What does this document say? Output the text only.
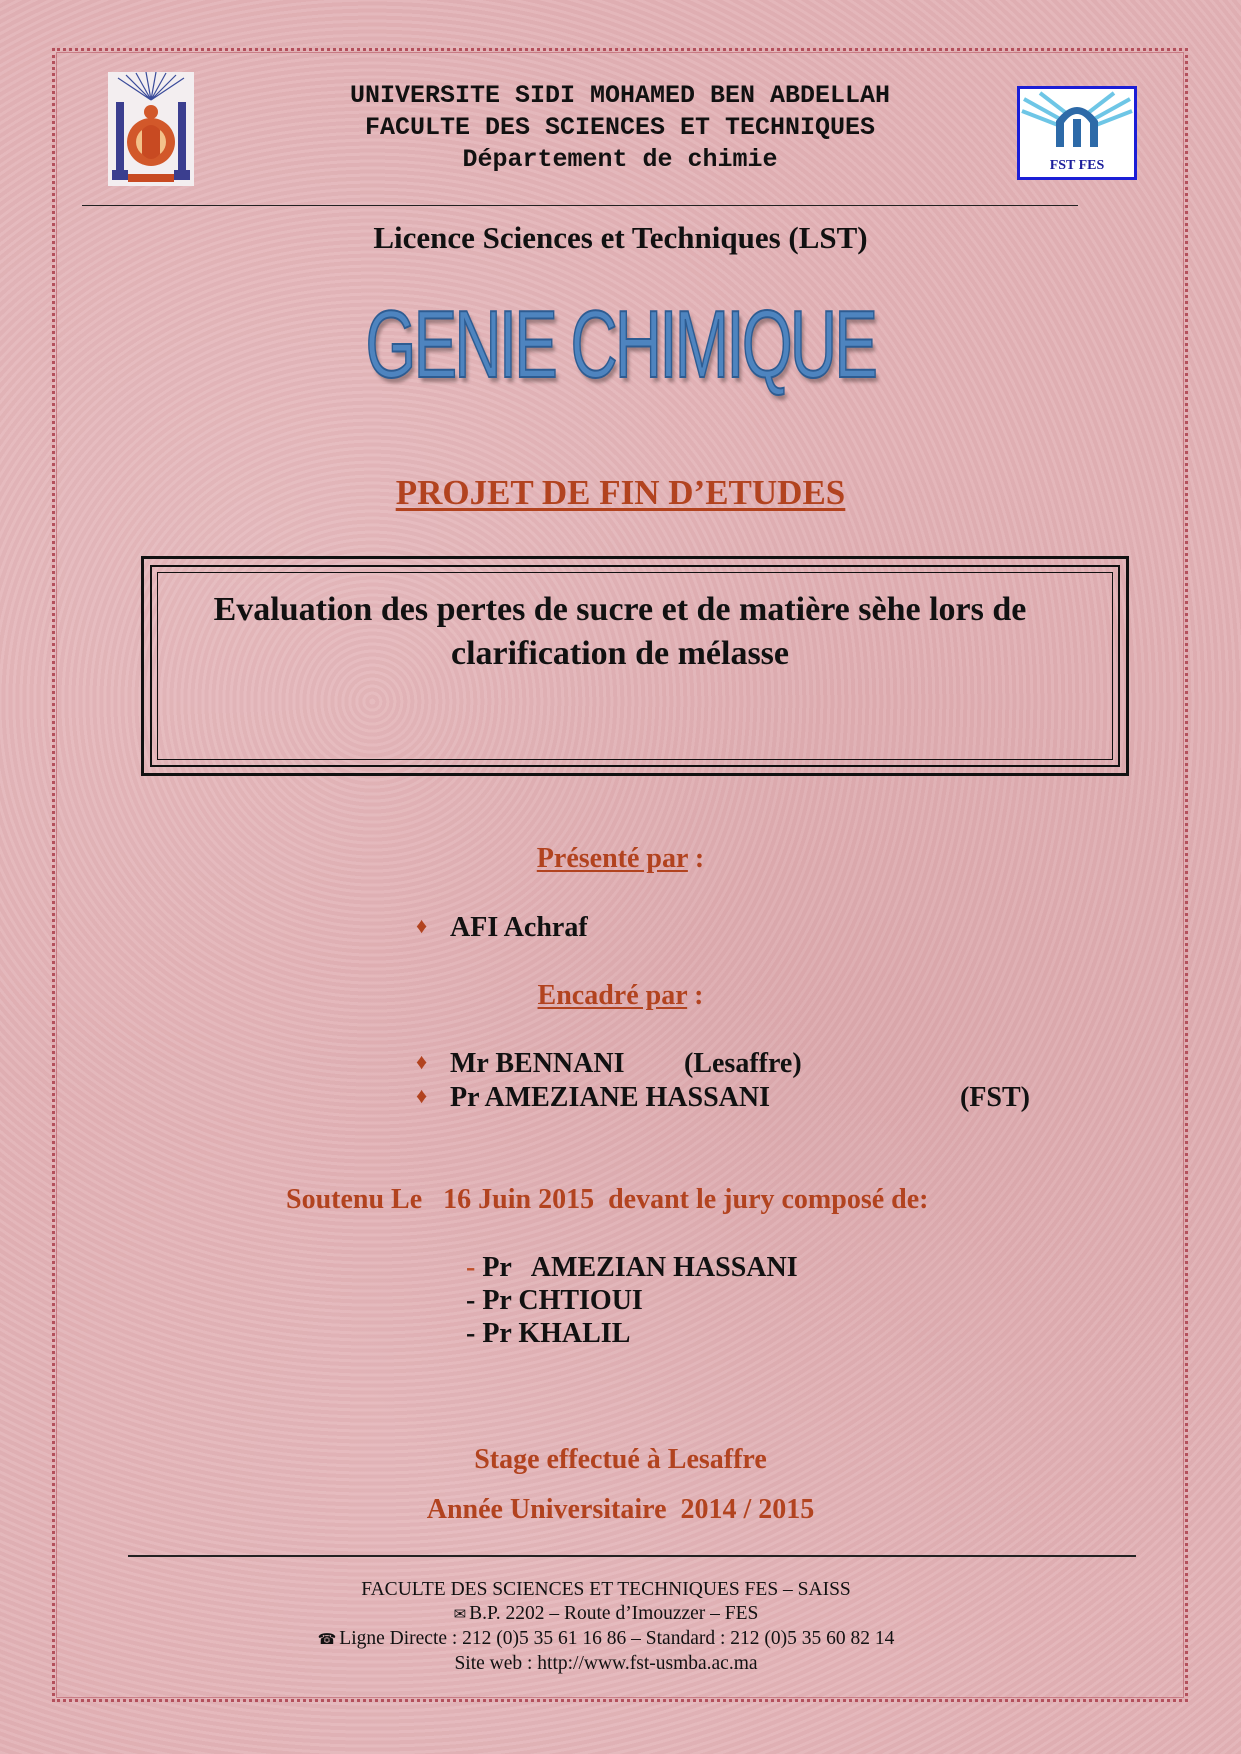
FST FES
UNIVERSITE SIDI MOHAMED BEN ABDELLAH
FACULTE DES SCIENCES ET TECHNIQUES
Département de chimie
Licence Sciences et Techniques (LST)
GENIE CHIMIQUE
PROJET DE FIN D’ETUDES
Evaluation des pertes de sucre et de matière sèhe lors de
clarification de mélasse
Présenté par :
♦ AFI Achraf
Encadré par :
♦ Mr BENNANI (Lesaffre)
♦ Pr AMEZIANE HASSANI	(FST)
Soutenu Le   16 Juin 2015  devant le jury composé de:
- Pr   AMEZIAN HASSANI
- Pr CHTIOUI
- Pr KHALIL
Stage effectué à Lesaffre
Année Universitaire  2014 / 2015
FACULTE DES SCIENCES ET TECHNIQUES FES – SAISS
✉ B.P. 2202 – Route d’Imouzzer – FES
☎ Ligne Directe : 212 (0)5 35 61 16 86 – Standard : 212 (0)5 35 60 82 14
Site web : http://www.fst-usmba.ac.ma
